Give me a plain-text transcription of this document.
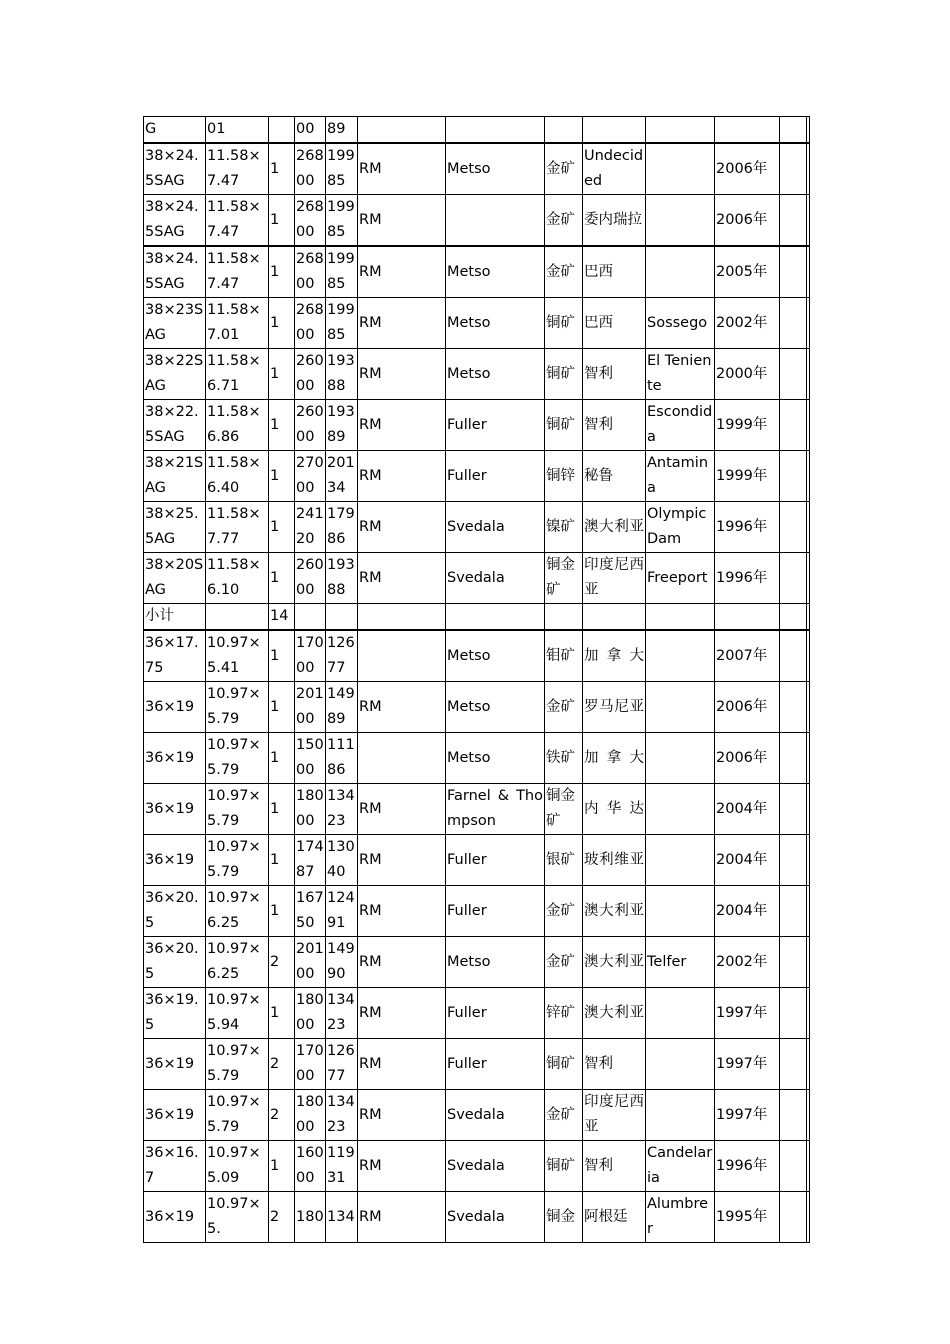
G	01		00	89								
38×24.5SAG	11.58×7.47	1	26800	19985	RM	Metso	金矿	Undecided		2006年		
38×24.5SAG	11.58×7.47	1	26800	19985	RM		金矿	委内瑞拉		2006年		
38×24.5SAG	11.58×7.47	1	26800	19985	RM	Metso	金矿	巴西		2005年		
38×23SAG	11.58×7.01	1	26800	19985	RM	Metso	铜矿	巴西	Sossego	2002年		
38×22SAG	11.58×6.71	1	26000	19388	RM	Metso	铜矿	智利	El Teniente	2000年		
38×22.5SAG	11.58×6.86	1	26000	19389	RM	Fuller	铜矿	智利	Escondida	1999年		
38×21SAG	11.58×6.40	1	27000	20134	RM	Fuller	铜锌	秘鲁	Antamina	1999年		
38×25.5AG	11.58×7.77	1	24120	17986	RM	Svedala	镍矿	澳大利亚	Olympic Dam	1996年		
38×20SAG	11.58×6.10	1	26000	19388	RM	Svedala	铜金矿	印度尼西亚	Freeport	1996年		
小计		14										
36×17.75	10.97×5.41	1	17000	12677		Metso	钼矿	加拿大		2007年		
36×19	10.97×5.79	1	20100	14989	RM	Metso	金矿	罗马尼亚		2006年		
36×19	10.97×5.79	1	15000	11186		Metso	铁矿	加拿大		2006年		
36×19	10.97×5.79	1	18000	13423	RM	Farnel & Thompson	铜金矿	内华达		2004年		
36×19	10.97×5.79	1	17487	13040	RM	Fuller	银矿	玻利维亚		2004年		
36×20.5	10.97×6.25	1	16750	12491	RM	Fuller	金矿	澳大利亚		2004年		
36×20.5	10.97×6.25	2	20100	14990	RM	Metso	金矿	澳大利亚	Telfer	2002年		
36×19.5	10.97×5.94	1	18000	13423	RM	Fuller	锌矿	澳大利亚		1997年		
36×19	10.97×5.79	2	17000	12677	RM	Fuller	铜矿	智利		1997年		
36×19	10.97×5.79	2	18000	13423	RM	Svedala	金矿	印度尼西亚		1997年		
36×16.7	10.97×5.09	1	16000	11931	RM	Svedala	铜矿	智利	Candelaria	1996年		
36×19	10.97×5.	2	180	134	RM	Svedala	铜金	阿根廷	Alumbrer	1995年		
